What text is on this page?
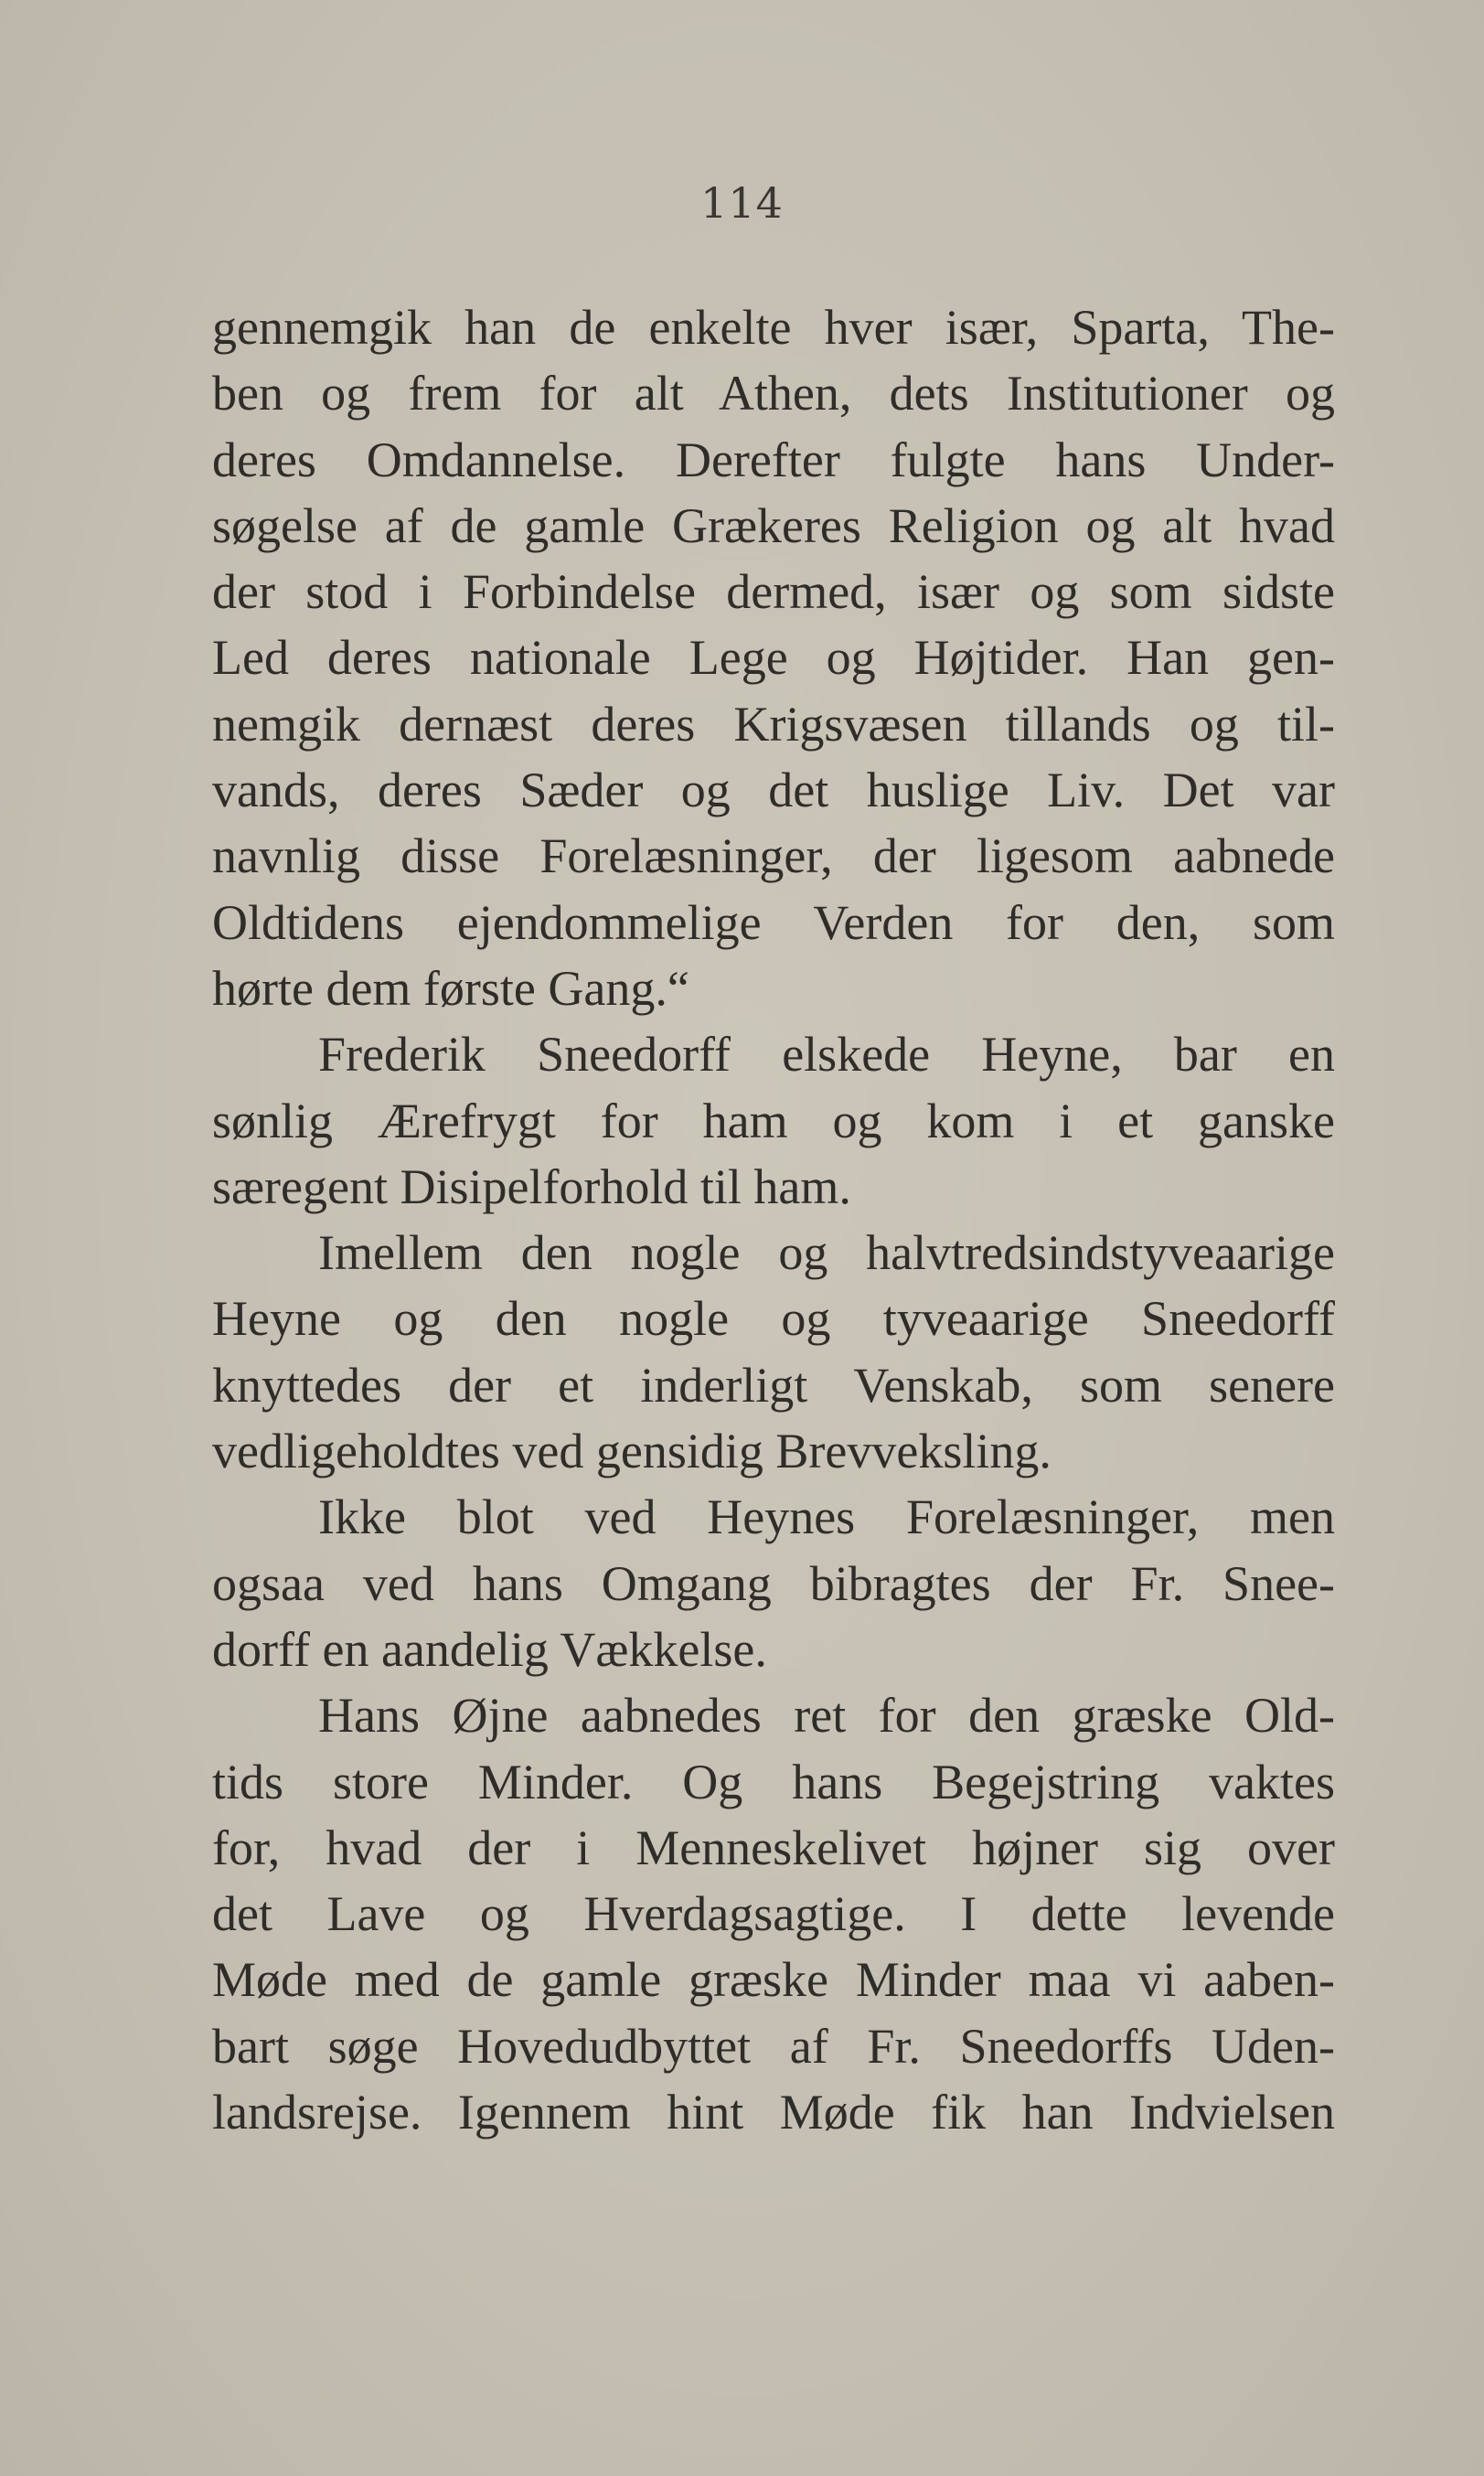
114
gennemgik han de enkelte hver især, Sparta, The-
ben og frem for alt Athen, dets Institutioner og
deres Omdannelse. Derefter fulgte hans Under-
søgelse af de gamle Grækeres Religion og alt hvad
der stod i Forbindelse dermed, især og som sidste
Led deres nationale Lege og Højtider. Han gen-
nemgik dernæst deres Krigsvæsen tillands og til-
vands, deres Sæder og det huslige Liv. Det var
navnlig disse Forelæsninger, der ligesom aabnede
Oldtidens ejendommelige Verden for den, som
hørte dem første Gang.“
Frederik Sneedorff elskede Heyne, bar en
sønlig Ærefrygt for ham og kom i et ganske
særegent Disipelforhold til ham.
Imellem den nogle og halvtredsindstyveaarige
Heyne og den nogle og tyveaarige Sneedorff
knyttedes der et inderligt Venskab, som senere
vedligeholdtes ved gensidig Brevveksling.
Ikke blot ved Heynes Forelæsninger, men
ogsaa ved hans Omgang bibragtes der Fr. Snee-
dorff en aandelig Vækkelse.
Hans Øjne aabnedes ret for den græske Old-
tids store Minder. Og hans Begejstring vaktes
for, hvad der i Menneskelivet højner sig over
det Lave og Hverdagsagtige. I dette levende
Møde med de gamle græske Minder maa vi aaben-
bart søge Hovedudbyttet af Fr. Sneedorffs Uden-
landsrejse. Igennem hint Møde fik han Indvielsen
